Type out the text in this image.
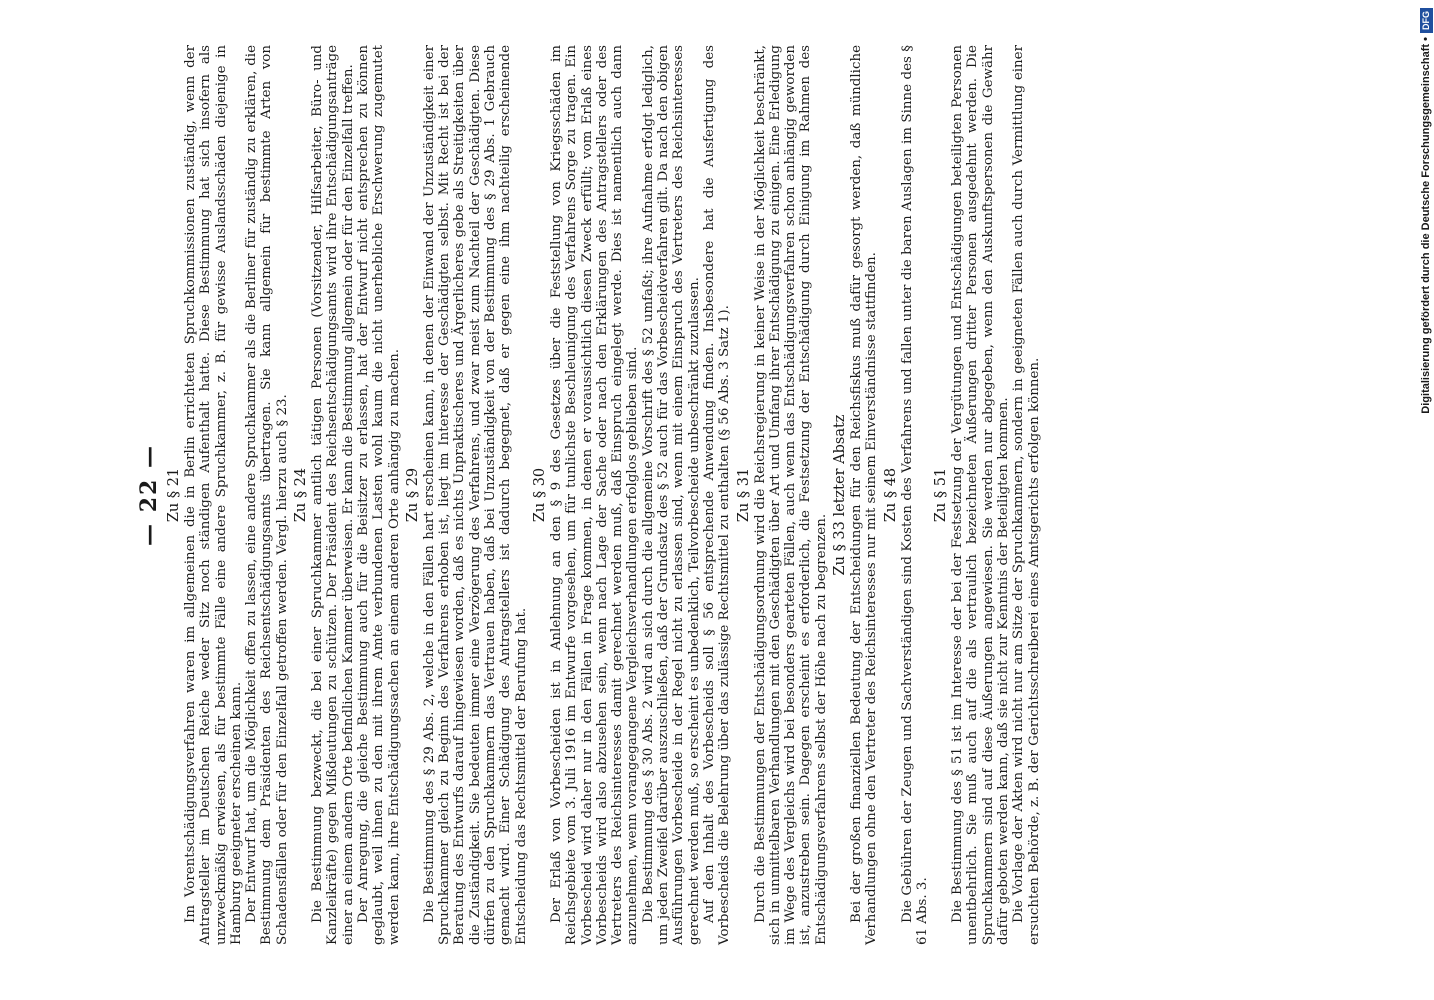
— 22 — Zu § 21 Im Vorentschädigungsverfahren waren im allgemeinen die in Berlin errichteten Spruchkommissionen zuständig, wenn der Antragsteller im Deutschen Reiche weder Sitz noch ständigen Aufenthalt hatte. Diese Bestimmung hat sich insofern als unzweckmäßig erwiesen, als für bestimmte Fälle eine andere Spruchkammer, z. B. für gewisse Auslandsschäden diejenige in Hamburg geeigneter erscheinen kann. Der Entwurf hat, um die Möglichkeit offen zu lassen, eine andere Spruchkammer als die Berliner für zuständig zu erklären, die Bestimmung dem Präsidenten des Reichsentschädigungsamts übertragen. Sie kann allgemein für bestimmte Arten von Schadensfällen oder für den Einzelfall getroffen werden. Vergl. hierzu auch § 23. Zu § 24 Die Bestimmung bezweckt, die bei einer Spruchkammer amtlich tätigen Personen (Vorsitzender, Hilfsarbeiter, Büro- und Kanzleikräfte) gegen Mißdeutungen zu schützen. Der Präsident des Reichsentschädigungsamts wird ihre Entschädigungsanträge einer an einem andern Orte befindlichen Kammer überweisen. Er kann die Bestimmung allgemein oder für den Einzelfall treffen. Der Anregung, die gleiche Bestimmung auch für die Beisitzer zu erlassen, hat der Entwurf nicht entsprechen zu können geglaubt, weil ihnen zu den mit ihrem Amte verbundenen Lasten wohl kaum die nicht unerhebliche Erschwerung zugemutet werden kann, ihre Entschädigungssachen an einem anderen Orte anhängig zu machen. Zu § 29 Die Bestimmung des § 29 Abs. 2, welche in den Fällen hart erscheinen kann, in denen der Einwand der Unzuständigkeit einer Spruchkammer gleich zu Beginn des Verfahrens erhoben ist, liegt im Interesse der Geschädigten selbst. Mit Recht ist bei der Beratung des Entwurfs darauf hingewiesen worden, daß es nichts Unpraktischeres und Ärgerlicheres gebe als Streitigkeiten über die Zuständigkeit. Sie bedeuten immer eine Verzögerung des Verfahrens, und zwar meist zum Nachteil der Geschädigten. Diese dürfen zu den Spruchkammern das Vertrauen haben, daß bei Unzuständigkeit von der Bestimmung des § 29 Abs. 1 Gebrauch gemacht wird. Einer Schädigung des Antragstellers ist dadurch begegnet, daß er gegen eine ihm nachteilig erscheinende Entscheidung das Rechtsmittel der Berufung hat.

Zu § 30 Der Erlaß von Vorbescheiden ist in Anlehnung an den § 9 des Gesetzes über die Feststellung von Kriegsschäden im Reichsgebiete vom 3. Juli 1916 im Entwurfe vorgesehen, um für tunlichste Beschleunigung des Verfahrens Sorge zu tragen. Ein Vorbescheid wird daher nur in den Fällen in Frage kommen, in denen er voraussichtlich diesen Zweck erfüllt; vom Erlaß eines Vorbescheids wird also abzusehen sein, wenn nach Lage der Sache oder nach den Erklärungen des Antragstellers oder des Vertreters des Reichsinteresses damit gerechnet werden muß, daß Einspruch eingelegt werde. Dies ist namentlich auch dann anzunehmen, wenn vorangegangene Vergleichsverhandlungen erfolglos geblieben sind. Die Bestimmung des § 30 Abs. 2 wird an sich durch die allgemeine Vorschrift des § 52 umfaßt; ihre Aufnahme erfolgt lediglich, um jeden Zweifel darüber auszuschließen, daß der Grundsatz des § 52 auch für das Vorbescheidverfahren gilt. Da nach den obigen Ausführungen Vorbescheide in der Regel nicht zu erlassen sind, wenn mit einem Einspruch des Vertreters des Reichsinteresses gerechnet werden muß, so erscheint es unbedenklich, Teilvorbescheide unbeschränkt zuzulassen. Auf den Inhalt des Vorbescheids soll § 56 entsprechende Anwendung finden. Insbesondere hat die Ausfertigung des Vorbescheids die Belehrung über das zulässige Rechtsmittel zu enthalten (§ 56 Abs. 3 Satz 1). Zu § 31 Durch die Bestimmungen der Entschädigungsordnung wird die Reichsregierung in keiner Weise in der Möglichkeit beschränkt, sich in unmittelbaren Verhandlungen mit den Geschädigten über Art und Umfang ihrer Entschädigung zu einigen. Eine Erledigung im Wege des Vergleichs wird bei besonders gearteten Fällen, auch wenn das Entschädigungsverfahren schon anhängig geworden ist, anzustreben sein. Dagegen erscheint es erforderlich, die Festsetzung der Entschädigung durch Einigung im Rahmen des Entschädigungsverfahrens selbst der Höhe nach zu begrenzen.

Zu § 33 letzter Absatz Bei der großen finanziellen Bedeutung der Entscheidungen für den Reichsfiskus muß dafür gesorgt werden, daß mündliche Verhandlungen ohne den Vertreter des Reichsinteresses nur mit seinem Einverständnisse stattfinden. Zu § 48 Die Gebühren der Zeugen und Sachverständigen sind Kosten des Verfahrens und fallen unter die baren Auslagen im Sinne des § 61 Abs. 3.

Zu § 51 Die Bestimmung des § 51 ist im Interesse der bei der Festsetzung der Vergütungen und Entschädigungen beteiligten Personen unentbehrlich. Sie muß auch auf die als vertraulich bezeichneten Äußerungen dritter Personen ausgedehnt werden. Die Spruchkammern sind auf diese Äußerungen angewiesen. Sie werden nur abgegeben, wenn den Auskunftspersonen die Gewähr dafür geboten werden kann, daß sie nicht zur Kenntnis der Beteiligten kommen. Die Vorlage der Akten wird nicht nur am Sitze der Spruchkammern, sondern in geeigneten Fällen auch durch Vermittlung einer ersuchten Behörde, z. B. der Gerichtsschreiberei eines Amtsgerichts erfolgen können.

Digitalisierung gefördert durch die Deutsche Forschungsgemeinschaft •DFG
